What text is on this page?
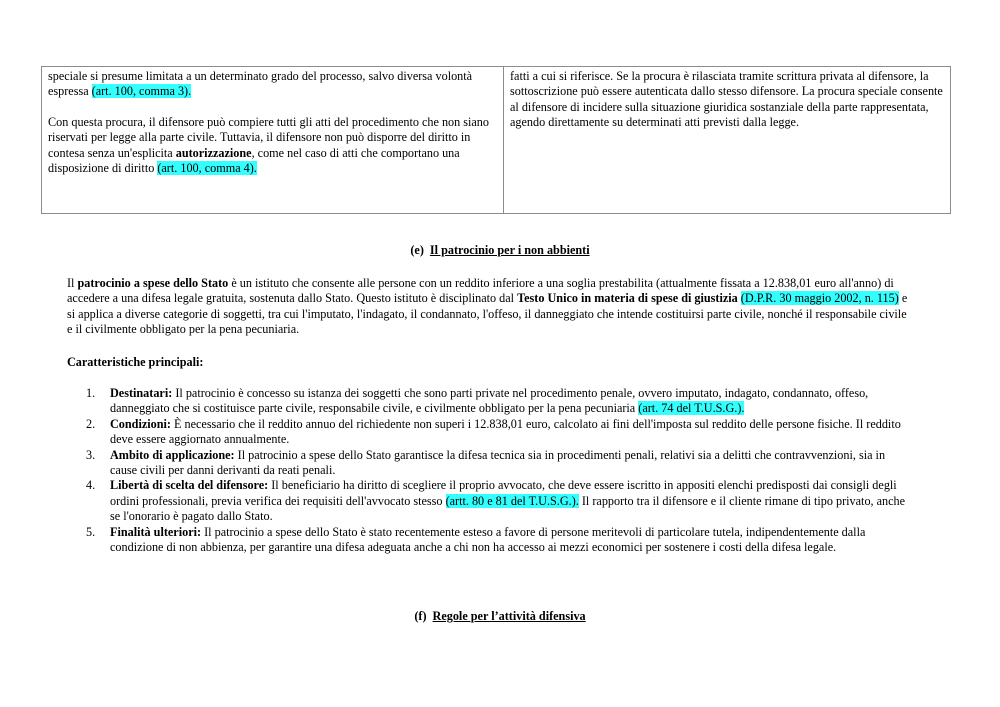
speciale si presume limitata a un determinato grado del processo, salvo diversa volontà espressa (art. 100, comma 3).

Con questa procura, il difensore può compiere tutti gli atti del procedimento che non siano riservati per legge alla parte civile. Tuttavia, il difensore non può disporre del diritto in contesa senza un'esplicita autorizzazione, come nel caso di atti che comportano una disposizione di diritto (art. 100, comma 4).

fatti a cui si riferisce. Se la procura è rilasciata tramite scrittura privata al difensore, la sottoscrizione può essere autenticata dallo stesso difensore. La procura speciale consente al difensore di incidere sulla situazione giuridica sostanziale della parte rappresentata, agendo direttamente su determinati atti previsti dalla legge.

(e) Il patrocinio per i non abbienti

Il patrocinio a spese dello Stato è un istituto che consente alle persone con un reddito inferiore a una soglia prestabilita (attualmente fissata a 12.838,01 euro all'anno) di accedere a una difesa legale gratuita, sostenuta dallo Stato. Questo istituto è disciplinato dal Testo Unico in materia di spese di giustizia (D.P.R. 30 maggio 2002, n. 115) e si applica a diverse categorie di soggetti, tra cui l'imputato, l'indagato, il condannato, l'offeso, il danneggiato che intende costituirsi parte civile, nonché il responsabile civile e il civilmente obbligato per la pena pecuniaria.

Caratteristiche principali:

1. Destinatari: Il patrocinio è concesso su istanza dei soggetti che sono parti private nel procedimento penale, ovvero imputato, indagato, condannato, offeso, danneggiato che si costituisce parte civile, responsabile civile, e civilmente obbligato per la pena pecuniaria (art. 74 del T.U.S.G.).
2. Condizioni: È necessario che il reddito annuo del richiedente non superi i 12.838,01 euro, calcolato ai fini dell'imposta sul reddito delle persone fisiche. Il reddito deve essere aggiornato annualmente.
3. Ambito di applicazione: Il patrocinio a spese dello Stato garantisce la difesa tecnica sia in procedimenti penali, relativi sia a delitti che contravvenzioni, sia in cause civili per danni derivanti da reati penali.
4. Libertà di scelta del difensore: Il beneficiario ha diritto di scegliere il proprio avvocato, che deve essere iscritto in appositi elenchi predisposti dai consigli degli ordini professionali, previa verifica dei requisiti dell'avvocato stesso (artt. 80 e 81 del T.U.S.G.). Il rapporto tra il difensore e il cliente rimane di tipo privato, anche se l'onorario è pagato dallo Stato.
5. Finalità ulteriori: Il patrocinio a spese dello Stato è stato recentemente esteso a favore di persone meritevoli di particolare tutela, indipendentemente dalla condizione di non abbienza, per garantire una difesa adeguata anche a chi non ha accesso ai mezzi economici per sostenere i costi della difesa legale.
(f) Regole per l’attività difensiva
